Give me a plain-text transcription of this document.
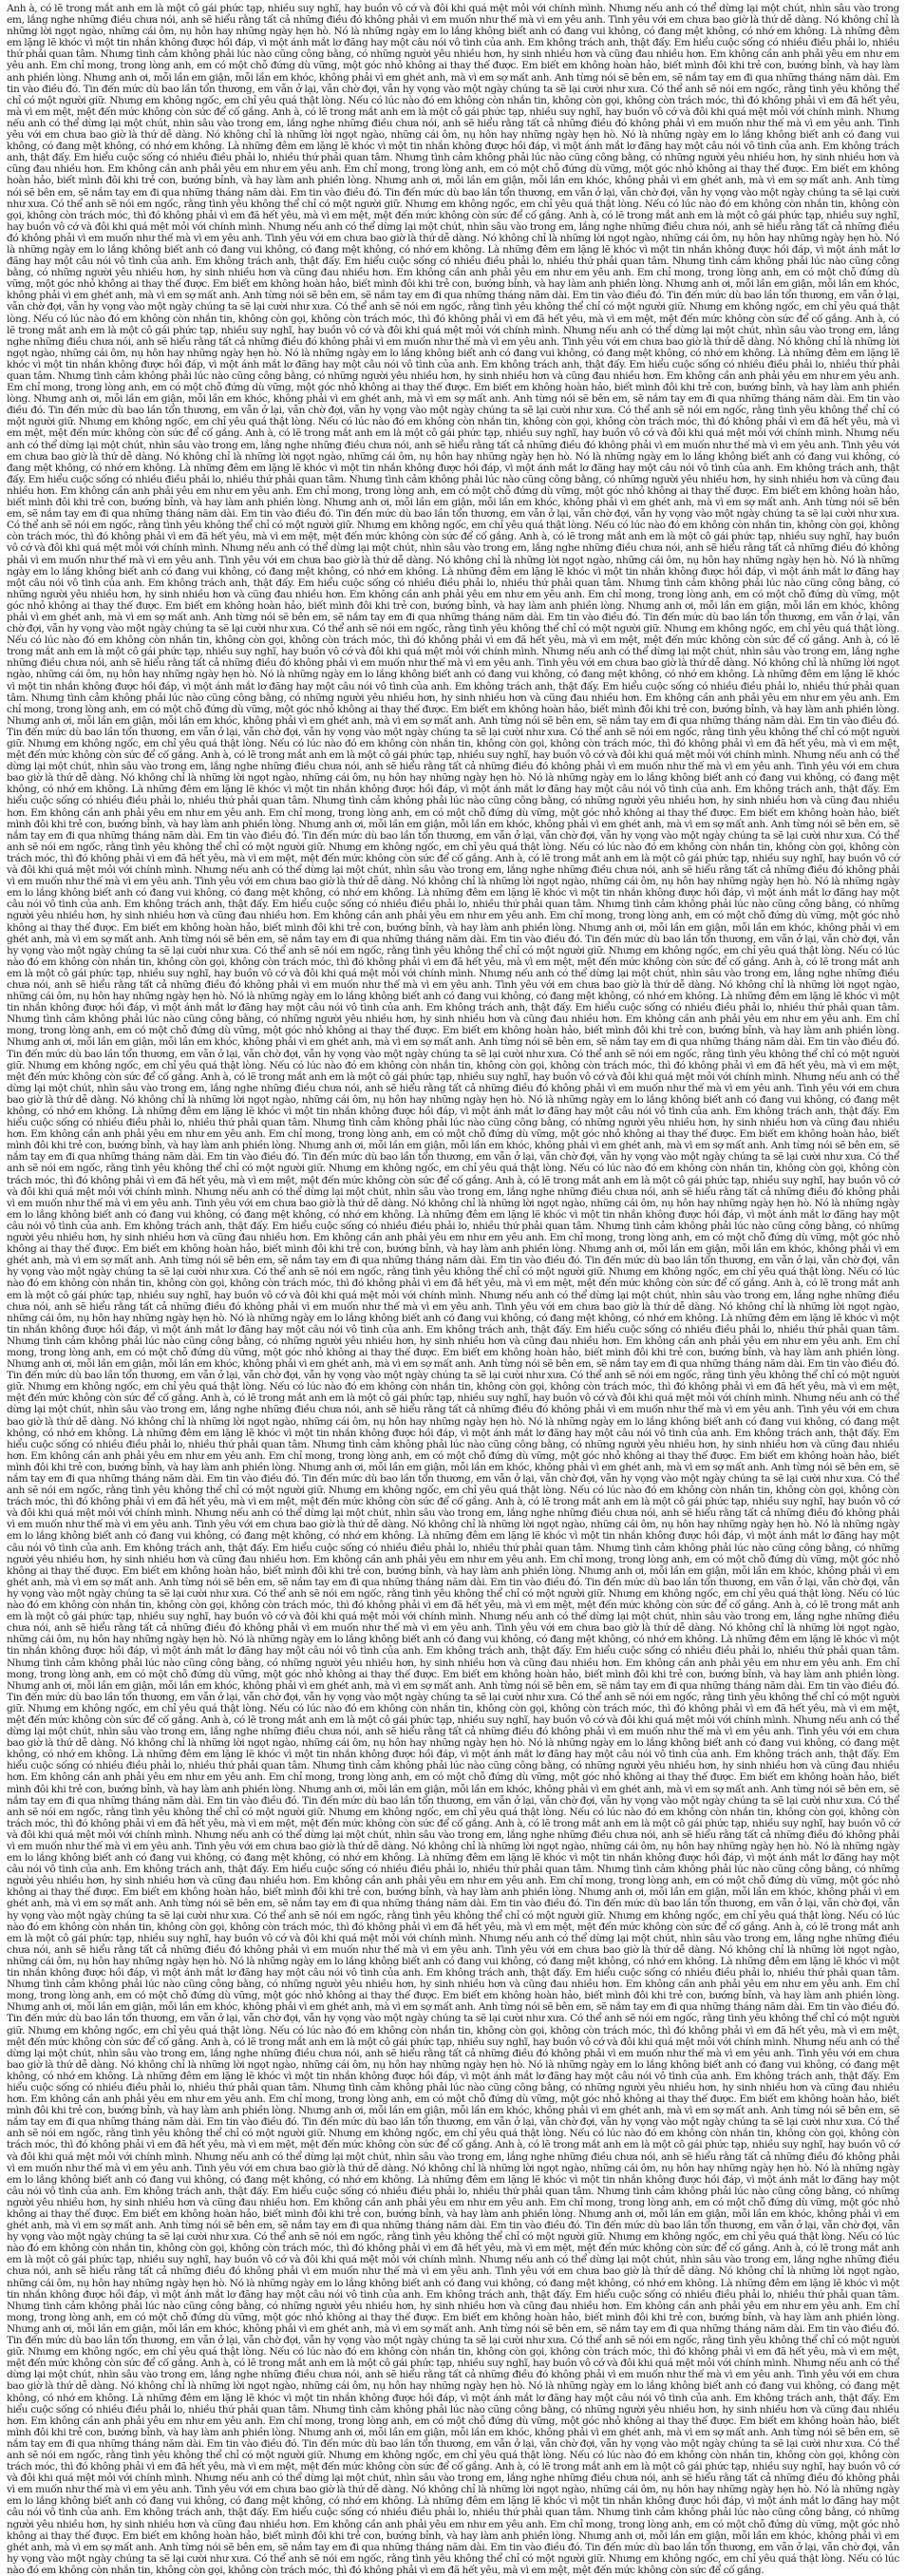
Anh à, có lẽ trong mắt anh em là một cô gái phức tạp, nhiều suy nghĩ, hay buồn vô cớ và đôi khi quá mệt mỏi với chính mình. Nhưng nếu anh có thể dừng lại một chút, nhìn sâu vào trong em, lắng nghe những điều chưa nói, anh sẽ hiểu rằng tất cả những điều đó không phải vì em muốn như thế mà vì em yêu anh. Tình yêu với em chưa bao giờ là thứ dễ dàng. Nó không chỉ là những lời ngọt ngào, những cái ôm, nụ hôn hay những ngày hẹn hò. Nó là những ngày em lo lắng không biết anh có đang vui không, có đang mệt không, có nhớ em không. Là những đêm em lặng lẽ khóc vì một tin nhắn không được hồi đáp, vì một ánh mắt lơ đãng hay một câu nói vô tình của anh. Em không trách anh, thật đấy. Em hiểu cuộc sống có nhiều điều phải lo, nhiều thứ phải quan tâm. Nhưng tình cảm không phải lúc nào cũng công bằng, có những người yêu nhiều hơn, hy sinh nhiều hơn và cũng đau nhiều hơn. Em không cần anh phải yêu em như em yêu anh. Em chỉ mong, trong lòng anh, em có một chỗ đứng dù vững, một góc nhỏ không ai thay thế được. Em biết em không hoàn hảo, biết mình đôi khi trẻ con, bướng bỉnh, và hay làm anh phiền lòng. Nhưng anh ơi, mỗi lần em giận, mỗi lần em khóc, không phải vì em ghét anh, mà vì em sợ mất anh. Anh từng nói sẽ bên em, sẽ nắm tay em đi qua những tháng năm dài. Em tin vào điều đó. Tin đến mức dù bao lần tổn thương, em vẫn ở lại, vẫn chờ đợi, vẫn hy vọng vào một ngày chúng ta sẽ lại cười như xưa. Có thể anh sẽ nói em ngốc, rằng tình yêu không thể chỉ có một người giữ. Nhưng em không ngốc, em chỉ yêu quá thật lòng. Nếu có lúc nào đó em không còn nhắn tin, không còn gọi, không còn trách móc, thì đó không phải vì em đã hết yêu, mà vì em mệt, mệt đến mức không còn sức để cố gắng. Anh à, có lẽ trong mắt anh em là một cô gái phức tạp, nhiều suy nghĩ, hay buồn vô cớ và đôi khi quá mệt mỏi với chính mình. Nhưng nếu anh có thể dừng lại một chút, nhìn sâu vào trong em, lắng nghe những điều chưa nói, anh sẽ hiểu rằng tất cả những điều đó không phải vì em muốn như thế mà vì em yêu anh. Tình yêu với em chưa bao giờ là thứ dễ dàng. Nó không chỉ là những lời ngọt ngào, những cái ôm, nụ hôn hay những ngày hẹn hò. Nó là những ngày em lo lắng không biết anh có đang vui không, có đang mệt không, có nhớ em không. Là những đêm em lặng lẽ khóc vì một tin nhắn không được hồi đáp, vì một ánh mắt lơ đãng hay một câu nói vô tình của anh. Em không trách anh, thật đấy. Em hiểu cuộc sống có nhiều điều phải lo, nhiều thứ phải quan tâm. Nhưng tình cảm không phải lúc nào cũng công bằng, có những người yêu nhiều hơn, hy sinh nhiều hơn và cũng đau nhiều hơn. Em không cần anh phải yêu em như em yêu anh. Em chỉ mong, trong lòng anh, em có một chỗ đứng dù vững, một góc nhỏ không ai thay thế được. Em biết em không hoàn hảo, biết mình đôi khi trẻ con, bướng bỉnh, và hay làm anh phiền lòng. Nhưng anh ơi, mỗi lần em giận, mỗi lần em khóc, không phải vì em ghét anh, mà vì em sợ mất anh. Anh từng nói sẽ bên em, sẽ nắm tay em đi qua những tháng năm dài. Em tin vào điều đó. Tin đến mức dù bao lần tổn thương, em vẫn ở lại, vẫn chờ đợi, vẫn hy vọng vào một ngày chúng ta sẽ lại cười như xưa. Có thể anh sẽ nói em ngốc, rằng tình yêu không thể chỉ có một người giữ. Nhưng em không ngốc, em chỉ yêu quá thật lòng. Nếu có lúc nào đó em không còn nhắn tin, không còn gọi, không còn trách móc, thì đó không phải vì em đã hết yêu, mà vì em mệt, mệt đến mức không còn sức để cố gắng. Anh à, có lẽ trong mắt anh em là một cô gái phức tạp, nhiều suy nghĩ, hay buồn vô cớ và đôi khi quá mệt mỏi với chính mình. Nhưng nếu anh có thể dừng lại một chút, nhìn sâu vào trong em, lắng nghe những điều chưa nói, anh sẽ hiểu rằng tất cả những điều đó không phải vì em muốn như thế mà vì em yêu anh. Tình yêu với em chưa bao giờ là thứ dễ dàng. Nó không chỉ là những lời ngọt ngào, những cái ôm, nụ hôn hay những ngày hẹn hò. Nó là những ngày em lo lắng không biết anh có đang vui không, có đang mệt không, có nhớ em không. Là những đêm em lặng lẽ khóc vì một tin nhắn không được hồi đáp, vì một ánh mắt lơ đãng hay một câu nói vô tình của anh. Em không trách anh, thật đấy. Em hiểu cuộc sống có nhiều điều phải lo, nhiều thứ phải quan tâm. Nhưng tình cảm không phải lúc nào cũng công bằng, có những người yêu nhiều hơn, hy sinh nhiều hơn và cũng đau nhiều hơn. Em không cần anh phải yêu em như em yêu anh. Em chỉ mong, trong lòng anh, em có một chỗ đứng dù vững, một góc nhỏ không ai thay thế được. Em biết em không hoàn hảo, biết mình đôi khi trẻ con, bướng bỉnh, và hay làm anh phiền lòng. Nhưng anh ơi, mỗi lần em giận, mỗi lần em khóc, không phải vì em ghét anh, mà vì em sợ mất anh. Anh từng nói sẽ bên em, sẽ nắm tay em đi qua những tháng năm dài. Em tin vào điều đó. Tin đến mức dù bao lần tổn thương, em vẫn ở lại, vẫn chờ đợi, vẫn hy vọng vào một ngày chúng ta sẽ lại cười như xưa. Có thể anh sẽ nói em ngốc, rằng tình yêu không thể chỉ có một người giữ. Nhưng em không ngốc, em chỉ yêu quá thật lòng. Nếu có lúc nào đó em không còn nhắn tin, không còn gọi, không còn trách móc, thì đó không phải vì em đã hết yêu, mà vì em mệt, mệt đến mức không còn sức để cố gắng. Anh à, có lẽ trong mắt anh em là một cô gái phức tạp, nhiều suy nghĩ, hay buồn vô cớ và đôi khi quá mệt mỏi với chính mình. Nhưng nếu anh có thể dừng lại một chút, nhìn sâu vào trong em, lắng nghe những điều chưa nói, anh sẽ hiểu rằng tất cả những điều đó không phải vì em muốn như thế mà vì em yêu anh. Tình yêu với em chưa bao giờ là thứ dễ dàng. Nó không chỉ là những lời ngọt ngào, những cái ôm, nụ hôn hay những ngày hẹn hò. Nó là những ngày em lo lắng không biết anh có đang vui không, có đang mệt không, có nhớ em không. Là những đêm em lặng lẽ khóc vì một tin nhắn không được hồi đáp, vì một ánh mắt lơ đãng hay một câu nói vô tình của anh. Em không trách anh, thật đấy. Em hiểu cuộc sống có nhiều điều phải lo, nhiều thứ phải quan tâm. Nhưng tình cảm không phải lúc nào cũng công bằng, có những người yêu nhiều hơn, hy sinh nhiều hơn và cũng đau nhiều hơn. Em không cần anh phải yêu em như em yêu anh. Em chỉ mong, trong lòng anh, em có một chỗ đứng dù vững, một góc nhỏ không ai thay thế được. Em biết em không hoàn hảo, biết mình đôi khi trẻ con, bướng bỉnh, và hay làm anh phiền lòng. Nhưng anh ơi, mỗi lần em giận, mỗi lần em khóc, không phải vì em ghét anh, mà vì em sợ mất anh. Anh từng nói sẽ bên em, sẽ nắm tay em đi qua những tháng năm dài. Em tin vào điều đó. Tin đến mức dù bao lần tổn thương, em vẫn ở lại, vẫn chờ đợi, vẫn hy vọng vào một ngày chúng ta sẽ lại cười như xưa. Có thể anh sẽ nói em ngốc, rằng tình yêu không thể chỉ có một người giữ. Nhưng em không ngốc, em chỉ yêu quá thật lòng. Nếu có lúc nào đó em không còn nhắn tin, không còn gọi, không còn trách móc, thì đó không phải vì em đã hết yêu, mà vì em mệt, mệt đến mức không còn sức để cố gắng. Anh à, có lẽ trong mắt anh em là một cô gái phức tạp, nhiều suy nghĩ, hay buồn vô cớ và đôi khi quá mệt mỏi với chính mình. Nhưng nếu anh có thể dừng lại một chút, nhìn sâu vào trong em, lắng nghe những điều chưa nói, anh sẽ hiểu rằng tất cả những điều đó không phải vì em muốn như thế mà vì em yêu anh. Tình yêu với em chưa bao giờ là thứ dễ dàng. Nó không chỉ là những lời ngọt ngào, những cái ôm, nụ hôn hay những ngày hẹn hò. Nó là những ngày em lo lắng không biết anh có đang vui không, có đang mệt không, có nhớ em không. Là những đêm em lặng lẽ khóc vì một tin nhắn không được hồi đáp, vì một ánh mắt lơ đãng hay một câu nói vô tình của anh. Em không trách anh, thật đấy. Em hiểu cuộc sống có nhiều điều phải lo, nhiều thứ phải quan tâm. Nhưng tình cảm không phải lúc nào cũng công bằng, có những người yêu nhiều hơn, hy sinh nhiều hơn và cũng đau nhiều hơn. Em không cần anh phải yêu em như em yêu anh. Em chỉ mong, trong lòng anh, em có một chỗ đứng dù vững, một góc nhỏ không ai thay thế được. Em biết em không hoàn hảo, biết mình đôi khi trẻ con, bướng bỉnh, và hay làm anh phiền lòng. Nhưng anh ơi, mỗi lần em giận, mỗi lần em khóc, không phải vì em ghét anh, mà vì em sợ mất anh. Anh từng nói sẽ bên em, sẽ nắm tay em đi qua những tháng năm dài. Em tin vào điều đó. Tin đến mức dù bao lần tổn thương, em vẫn ở lại, vẫn chờ đợi, vẫn hy vọng vào một ngày chúng ta sẽ lại cười như xưa. Có thể anh sẽ nói em ngốc, rằng tình yêu không thể chỉ có một người giữ. Nhưng em không ngốc, em chỉ yêu quá thật lòng. Nếu có lúc nào đó em không còn nhắn tin, không còn gọi, không còn trách móc, thì đó không phải vì em đã hết yêu, mà vì em mệt, mệt đến mức không còn sức để cố gắng. Anh à, có lẽ trong mắt anh em là một cô gái phức tạp, nhiều suy nghĩ, hay buồn vô cớ và đôi khi quá mệt mỏi với chính mình. Nhưng nếu anh có thể dừng lại một chút, nhìn sâu vào trong em, lắng nghe những điều chưa nói, anh sẽ hiểu rằng tất cả những điều đó không phải vì em muốn như thế mà vì em yêu anh. Tình yêu với em chưa bao giờ là thứ dễ dàng. Nó không chỉ là những lời ngọt ngào, những cái ôm, nụ hôn hay những ngày hẹn hò. Nó là những ngày em lo lắng không biết anh có đang vui không, có đang mệt không, có nhớ em không. Là những đêm em lặng lẽ khóc vì một tin nhắn không được hồi đáp, vì một ánh mắt lơ đãng hay một câu nói vô tình của anh. Em không trách anh, thật đấy. Em hiểu cuộc sống có nhiều điều phải lo, nhiều thứ phải quan tâm. Nhưng tình cảm không phải lúc nào cũng công bằng, có những người yêu nhiều hơn, hy sinh nhiều hơn và cũng đau nhiều hơn. Em không cần anh phải yêu em như em yêu anh. Em chỉ mong, trong lòng anh, em có một chỗ đứng dù vững, một góc nhỏ không ai thay thế được. Em biết em không hoàn hảo, biết mình đôi khi trẻ con, bướng bỉnh, và hay làm anh phiền lòng. Nhưng anh ơi, mỗi lần em giận, mỗi lần em khóc, không phải vì em ghét anh, mà vì em sợ mất anh. Anh từng nói sẽ bên em, sẽ nắm tay em đi qua những tháng năm dài. Em tin vào điều đó. Tin đến mức dù bao lần tổn thương, em vẫn ở lại, vẫn chờ đợi, vẫn hy vọng vào một ngày chúng ta sẽ lại cười như xưa. Có thể anh sẽ nói em ngốc, rằng tình yêu không thể chỉ có một người giữ. Nhưng em không ngốc, em chỉ yêu quá thật lòng. Nếu có lúc nào đó em không còn nhắn tin, không còn gọi, không còn trách móc, thì đó không phải vì em đã hết yêu, mà vì em mệt, mệt đến mức không còn sức để cố gắng. Anh à, có lẽ trong mắt anh em là một cô gái phức tạp, nhiều suy nghĩ, hay buồn vô cớ và đôi khi quá mệt mỏi với chính mình. Nhưng nếu anh có thể dừng lại một chút, nhìn sâu vào trong em, lắng nghe những điều chưa nói, anh sẽ hiểu rằng tất cả những điều đó không phải vì em muốn như thế mà vì em yêu anh. Tình yêu với em chưa bao giờ là thứ dễ dàng. Nó không chỉ là những lời ngọt ngào, những cái ôm, nụ hôn hay những ngày hẹn hò. Nó là những ngày em lo lắng không biết anh có đang vui không, có đang mệt không, có nhớ em không. Là những đêm em lặng lẽ khóc vì một tin nhắn không được hồi đáp, vì một ánh mắt lơ đãng hay một câu nói vô tình của anh. Em không trách anh, thật đấy. Em hiểu cuộc sống có nhiều điều phải lo, nhiều thứ phải quan tâm. Nhưng tình cảm không phải lúc nào cũng công bằng, có những người yêu nhiều hơn, hy sinh nhiều hơn và cũng đau nhiều hơn. Em không cần anh phải yêu em như em yêu anh. Em chỉ mong, trong lòng anh, em có một chỗ đứng dù vững, một góc nhỏ không ai thay thế được. Em biết em không hoàn hảo, biết mình đôi khi trẻ con, bướng bỉnh, và hay làm anh phiền lòng. Nhưng anh ơi, mỗi lần em giận, mỗi lần em khóc, không phải vì em ghét anh, mà vì em sợ mất anh. Anh từng nói sẽ bên em, sẽ nắm tay em đi qua những tháng năm dài. Em tin vào điều đó. Tin đến mức dù bao lần tổn thương, em vẫn ở lại, vẫn chờ đợi, vẫn hy vọng vào một ngày chúng ta sẽ lại cười như xưa. Có thể anh sẽ nói em ngốc, rằng tình yêu không thể chỉ có một người giữ. Nhưng em không ngốc, em chỉ yêu quá thật lòng. Nếu có lúc nào đó em không còn nhắn tin, không còn gọi, không còn trách móc, thì đó không phải vì em đã hết yêu, mà vì em mệt, mệt đến mức không còn sức để cố gắng. Anh à, có lẽ trong mắt anh em là một cô gái phức tạp, nhiều suy nghĩ, hay buồn vô cớ và đôi khi quá mệt mỏi với chính mình. Nhưng nếu anh có thể dừng lại một chút, nhìn sâu vào trong em, lắng nghe những điều chưa nói, anh sẽ hiểu rằng tất cả những điều đó không phải vì em muốn như thế mà vì em yêu anh. Tình yêu với em chưa bao giờ là thứ dễ dàng. Nó không chỉ là những lời ngọt ngào, những cái ôm, nụ hôn hay những ngày hẹn hò. Nó là những ngày em lo lắng không biết anh có đang vui không, có đang mệt không, có nhớ em không. Là những đêm em lặng lẽ khóc vì một tin nhắn không được hồi đáp, vì một ánh mắt lơ đãng hay một câu nói vô tình của anh. Em không trách anh, thật đấy. Em hiểu cuộc sống có nhiều điều phải lo, nhiều thứ phải quan tâm. Nhưng tình cảm không phải lúc nào cũng công bằng, có những người yêu nhiều hơn, hy sinh nhiều hơn và cũng đau nhiều hơn. Em không cần anh phải yêu em như em yêu anh. Em chỉ mong, trong lòng anh, em có một chỗ đứng dù vững, một góc nhỏ không ai thay thế được. Em biết em không hoàn hảo, biết mình đôi khi trẻ con, bướng bỉnh, và hay làm anh phiền lòng. Nhưng anh ơi, mỗi lần em giận, mỗi lần em khóc, không phải vì em ghét anh, mà vì em sợ mất anh. Anh từng nói sẽ bên em, sẽ nắm tay em đi qua những tháng năm dài. Em tin vào điều đó. Tin đến mức dù bao lần tổn thương, em vẫn ở lại, vẫn chờ đợi, vẫn hy vọng vào một ngày chúng ta sẽ lại cười như xưa. Có thể anh sẽ nói em ngốc, rằng tình yêu không thể chỉ có một người giữ. Nhưng em không ngốc, em chỉ yêu quá thật lòng. Nếu có lúc nào đó em không còn nhắn tin, không còn gọi, không còn trách móc, thì đó không phải vì em đã hết yêu, mà vì em mệt, mệt đến mức không còn sức để cố gắng. Anh à, có lẽ trong mắt anh em là một cô gái phức tạp, nhiều suy nghĩ, hay buồn vô cớ và đôi khi quá mệt mỏi với chính mình. Nhưng nếu anh có thể dừng lại một chút, nhìn sâu vào trong em, lắng nghe những điều chưa nói, anh sẽ hiểu rằng tất cả những điều đó không phải vì em muốn như thế mà vì em yêu anh. Tình yêu với em chưa bao giờ là thứ dễ dàng. Nó không chỉ là những lời ngọt ngào, những cái ôm, nụ hôn hay những ngày hẹn hò. Nó là những ngày em lo lắng không biết anh có đang vui không, có đang mệt không, có nhớ em không. Là những đêm em lặng lẽ khóc vì một tin nhắn không được hồi đáp, vì một ánh mắt lơ đãng hay một câu nói vô tình của anh. Em không trách anh, thật đấy. Em hiểu cuộc sống có nhiều điều phải lo, nhiều thứ phải quan tâm. Nhưng tình cảm không phải lúc nào cũng công bằng, có những người yêu nhiều hơn, hy sinh nhiều hơn và cũng đau nhiều hơn. Em không cần anh phải yêu em như em yêu anh. Em chỉ mong, trong lòng anh, em có một chỗ đứng dù vững, một góc nhỏ không ai thay thế được. Em biết em không hoàn hảo, biết mình đôi khi trẻ con, bướng bỉnh, và hay làm anh phiền lòng. Nhưng anh ơi, mỗi lần em giận, mỗi lần em khóc, không phải vì em ghét anh, mà vì em sợ mất anh. Anh từng nói sẽ bên em, sẽ nắm tay em đi qua những tháng năm dài. Em tin vào điều đó. Tin đến mức dù bao lần tổn thương, em vẫn ở lại, vẫn chờ đợi, vẫn hy vọng vào một ngày chúng ta sẽ lại cười như xưa. Có thể anh sẽ nói em ngốc, rằng tình yêu không thể chỉ có một người giữ. Nhưng em không ngốc, em chỉ yêu quá thật lòng. Nếu có lúc nào đó em không còn nhắn tin, không còn gọi, không còn trách móc, thì đó không phải vì em đã hết yêu, mà vì em mệt, mệt đến mức không còn sức để cố gắng. Anh à, có lẽ trong mắt anh em là một cô gái phức tạp, nhiều suy nghĩ, hay buồn vô cớ và đôi khi quá mệt mỏi với chính mình. Nhưng nếu anh có thể dừng lại một chút, nhìn sâu vào trong em, lắng nghe những điều chưa nói, anh sẽ hiểu rằng tất cả những điều đó không phải vì em muốn như thế mà vì em yêu anh. Tình yêu với em chưa bao giờ là thứ dễ dàng. Nó không chỉ là những lời ngọt ngào, những cái ôm, nụ hôn hay những ngày hẹn hò. Nó là những ngày em lo lắng không biết anh có đang vui không, có đang mệt không, có nhớ em không. Là những đêm em lặng lẽ khóc vì một tin nhắn không được hồi đáp, vì một ánh mắt lơ đãng hay một câu nói vô tình của anh. Em không trách anh, thật đấy. Em hiểu cuộc sống có nhiều điều phải lo, nhiều thứ phải quan tâm. Nhưng tình cảm không phải lúc nào cũng công bằng, có những người yêu nhiều hơn, hy sinh nhiều hơn và cũng đau nhiều hơn. Em không cần anh phải yêu em như em yêu anh. Em chỉ mong, trong lòng anh, em có một chỗ đứng dù vững, một góc nhỏ không ai thay thế được. Em biết em không hoàn hảo, biết mình đôi khi trẻ con, bướng bỉnh, và hay làm anh phiền lòng. Nhưng anh ơi, mỗi lần em giận, mỗi lần em khóc, không phải vì em ghét anh, mà vì em sợ mất anh. Anh từng nói sẽ bên em, sẽ nắm tay em đi qua những tháng năm dài. Em tin vào điều đó. Tin đến mức dù bao lần tổn thương, em vẫn ở lại, vẫn chờ đợi, vẫn hy vọng vào một ngày chúng ta sẽ lại cười như xưa. Có thể anh sẽ nói em ngốc, rằng tình yêu không thể chỉ có một người giữ. Nhưng em không ngốc, em chỉ yêu quá thật lòng. Nếu có lúc nào đó em không còn nhắn tin, không còn gọi, không còn trách móc, thì đó không phải vì em đã hết yêu, mà vì em mệt, mệt đến mức không còn sức để cố gắng. Anh à, có lẽ trong mắt anh em là một cô gái phức tạp, nhiều suy nghĩ, hay buồn vô cớ và đôi khi quá mệt mỏi với chính mình. Nhưng nếu anh có thể dừng lại một chút, nhìn sâu vào trong em, lắng nghe những điều chưa nói, anh sẽ hiểu rằng tất cả những điều đó không phải vì em muốn như thế mà vì em yêu anh. Tình yêu với em chưa bao giờ là thứ dễ dàng. Nó không chỉ là những lời ngọt ngào, những cái ôm, nụ hôn hay những ngày hẹn hò. Nó là những ngày em lo lắng không biết anh có đang vui không, có đang mệt không, có nhớ em không. Là những đêm em lặng lẽ khóc vì một tin nhắn không được hồi đáp, vì một ánh mắt lơ đãng hay một câu nói vô tình của anh. Em không trách anh, thật đấy. Em hiểu cuộc sống có nhiều điều phải lo, nhiều thứ phải quan tâm. Nhưng tình cảm không phải lúc nào cũng công bằng, có những người yêu nhiều hơn, hy sinh nhiều hơn và cũng đau nhiều hơn. Em không cần anh phải yêu em như em yêu anh. Em chỉ mong, trong lòng anh, em có một chỗ đứng dù vững, một góc nhỏ không ai thay thế được. Em biết em không hoàn hảo, biết mình đôi khi trẻ con, bướng bỉnh, và hay làm anh phiền lòng. Nhưng anh ơi, mỗi lần em giận, mỗi lần em khóc, không phải vì em ghét anh, mà vì em sợ mất anh. Anh từng nói sẽ bên em, sẽ nắm tay em đi qua những tháng năm dài. Em tin vào điều đó. Tin đến mức dù bao lần tổn thương, em vẫn ở lại, vẫn chờ đợi, vẫn hy vọng vào một ngày chúng ta sẽ lại cười như xưa. Có thể anh sẽ nói em ngốc, rằng tình yêu không thể chỉ có một người giữ. Nhưng em không ngốc, em chỉ yêu quá thật lòng. Nếu có lúc nào đó em không còn nhắn tin, không còn gọi, không còn trách móc, thì đó không phải vì em đã hết yêu, mà vì em mệt, mệt đến mức không còn sức để cố gắng. Anh à, có lẽ trong mắt anh em là một cô gái phức tạp, nhiều suy nghĩ, hay buồn vô cớ và đôi khi quá mệt mỏi với chính mình. Nhưng nếu anh có thể dừng lại một chút, nhìn sâu vào trong em, lắng nghe những điều chưa nói, anh sẽ hiểu rằng tất cả những điều đó không phải vì em muốn như thế mà vì em yêu anh. Tình yêu với em chưa bao giờ là thứ dễ dàng. Nó không chỉ là những lời ngọt ngào, những cái ôm, nụ hôn hay những ngày hẹn hò. Nó là những ngày em lo lắng không biết anh có đang vui không, có đang mệt không, có nhớ em không. Là những đêm em lặng lẽ khóc vì một tin nhắn không được hồi đáp, vì một ánh mắt lơ đãng hay một câu nói vô tình của anh. Em không trách anh, thật đấy. Em hiểu cuộc sống có nhiều điều phải lo, nhiều thứ phải quan tâm. Nhưng tình cảm không phải lúc nào cũng công bằng, có những người yêu nhiều hơn, hy sinh nhiều hơn và cũng đau nhiều hơn. Em không cần anh phải yêu em như em yêu anh. Em chỉ mong, trong lòng anh, em có một chỗ đứng dù vững, một góc nhỏ không ai thay thế được. Em biết em không hoàn hảo, biết mình đôi khi trẻ con, bướng bỉnh, và hay làm anh phiền lòng. Nhưng anh ơi, mỗi lần em giận, mỗi lần em khóc, không phải vì em ghét anh, mà vì em sợ mất anh. Anh từng nói sẽ bên em, sẽ nắm tay em đi qua những tháng năm dài. Em tin vào điều đó. Tin đến mức dù bao lần tổn thương, em vẫn ở lại, vẫn chờ đợi, vẫn hy vọng vào một ngày chúng ta sẽ lại cười như xưa. Có thể anh sẽ nói em ngốc, rằng tình yêu không thể chỉ có một người giữ. Nhưng em không ngốc, em chỉ yêu quá thật lòng. Nếu có lúc nào đó em không còn nhắn tin, không còn gọi, không còn trách móc, thì đó không phải vì em đã hết yêu, mà vì em mệt, mệt đến mức không còn sức để cố gắng. Anh à, có lẽ trong mắt anh em là một cô gái phức tạp, nhiều suy nghĩ, hay buồn vô cớ và đôi khi quá mệt mỏi với chính mình. Nhưng nếu anh có thể dừng lại một chút, nhìn sâu vào trong em, lắng nghe những điều chưa nói, anh sẽ hiểu rằng tất cả những điều đó không phải vì em muốn như thế mà vì em yêu anh. Tình yêu với em chưa bao giờ là thứ dễ dàng. Nó không chỉ là những lời ngọt ngào, những cái ôm, nụ hôn hay những ngày hẹn hò. Nó là những ngày em lo lắng không biết anh có đang vui không, có đang mệt không, có nhớ em không. Là những đêm em lặng lẽ khóc vì một tin nhắn không được hồi đáp, vì một ánh mắt lơ đãng hay một câu nói vô tình của anh. Em không trách anh, thật đấy. Em hiểu cuộc sống có nhiều điều phải lo, nhiều thứ phải quan tâm. Nhưng tình cảm không phải lúc nào cũng công bằng, có những người yêu nhiều hơn, hy sinh nhiều hơn và cũng đau nhiều hơn. Em không cần anh phải yêu em như em yêu anh. Em chỉ mong, trong lòng anh, em có một chỗ đứng dù vững, một góc nhỏ không ai thay thế được. Em biết em không hoàn hảo, biết mình đôi khi trẻ con, bướng bỉnh, và hay làm anh phiền lòng. Nhưng anh ơi, mỗi lần em giận, mỗi lần em khóc, không phải vì em ghét anh, mà vì em sợ mất anh. Anh từng nói sẽ bên em, sẽ nắm tay em đi qua những tháng năm dài. Em tin vào điều đó. Tin đến mức dù bao lần tổn thương, em vẫn ở lại, vẫn chờ đợi, vẫn hy vọng vào một ngày chúng ta sẽ lại cười như xưa. Có thể anh sẽ nói em ngốc, rằng tình yêu không thể chỉ có một người giữ. Nhưng em không ngốc, em chỉ yêu quá thật lòng. Nếu có lúc nào đó em không còn nhắn tin, không còn gọi, không còn trách móc, thì đó không phải vì em đã hết yêu, mà vì em mệt, mệt đến mức không còn sức để cố gắng. Anh à, có lẽ trong mắt anh em là một cô gái phức tạp, nhiều suy nghĩ, hay buồn vô cớ và đôi khi quá mệt mỏi với chính mình. Nhưng nếu anh có thể dừng lại một chút, nhìn sâu vào trong em, lắng nghe những điều chưa nói, anh sẽ hiểu rằng tất cả những điều đó không phải vì em muốn như thế mà vì em yêu anh. Tình yêu với em chưa bao giờ là thứ dễ dàng. Nó không chỉ là những lời ngọt ngào, những cái ôm, nụ hôn hay những ngày hẹn hò. Nó là những ngày em lo lắng không biết anh có đang vui không, có đang mệt không, có nhớ em không. Là những đêm em lặng lẽ khóc vì một tin nhắn không được hồi đáp, vì một ánh mắt lơ đãng hay một câu nói vô tình của anh. Em không trách anh, thật đấy. Em hiểu cuộc sống có nhiều điều phải lo, nhiều thứ phải quan tâm. Nhưng tình cảm không phải lúc nào cũng công bằng, có những người yêu nhiều hơn, hy sinh nhiều hơn và cũng đau nhiều hơn. Em không cần anh phải yêu em như em yêu anh. Em chỉ mong, trong lòng anh, em có một chỗ đứng dù vững, một góc nhỏ không ai thay thế được. Em biết em không hoàn hảo, biết mình đôi khi trẻ con, bướng bỉnh, và hay làm anh phiền lòng. Nhưng anh ơi, mỗi lần em giận, mỗi lần em khóc, không phải vì em ghét anh, mà vì em sợ mất anh. Anh từng nói sẽ bên em, sẽ nắm tay em đi qua những tháng năm dài. Em tin vào điều đó. Tin đến mức dù bao lần tổn thương, em vẫn ở lại, vẫn chờ đợi, vẫn hy vọng vào một ngày chúng ta sẽ lại cười như xưa. Có thể anh sẽ nói em ngốc, rằng tình yêu không thể chỉ có một người giữ. Nhưng em không ngốc, em chỉ yêu quá thật lòng. Nếu có lúc nào đó em không còn nhắn tin, không còn gọi, không còn trách móc, thì đó không phải vì em đã hết yêu, mà vì em mệt, mệt đến mức không còn sức để cố gắng. Anh à, có lẽ trong mắt anh em là một cô gái phức tạp, nhiều suy nghĩ, hay buồn vô cớ và đôi khi quá mệt mỏi với chính mình. Nhưng nếu anh có thể dừng lại một chút, nhìn sâu vào trong em, lắng nghe những điều chưa nói, anh sẽ hiểu rằng tất cả những điều đó không phải vì em muốn như thế mà vì em yêu anh. Tình yêu với em chưa bao giờ là thứ dễ dàng. Nó không chỉ là những lời ngọt ngào, những cái ôm, nụ hôn hay những ngày hẹn hò. Nó là những ngày em lo lắng không biết anh có đang vui không, có đang mệt không, có nhớ em không. Là những đêm em lặng lẽ khóc vì một tin nhắn không được hồi đáp, vì một ánh mắt lơ đãng hay một câu nói vô tình của anh. Em không trách anh, thật đấy. Em hiểu cuộc sống có nhiều điều phải lo, nhiều thứ phải quan tâm. Nhưng tình cảm không phải lúc nào cũng công bằng, có những người yêu nhiều hơn, hy sinh nhiều hơn và cũng đau nhiều hơn. Em không cần anh phải yêu em như em yêu anh. Em chỉ mong, trong lòng anh, em có một chỗ đứng dù vững, một góc nhỏ không ai thay thế được. Em biết em không hoàn hảo, biết mình đôi khi trẻ con, bướng bỉnh, và hay làm anh phiền lòng. Nhưng anh ơi, mỗi lần em giận, mỗi lần em khóc, không phải vì em ghét anh, mà vì em sợ mất anh. Anh từng nói sẽ bên em, sẽ nắm tay em đi qua những tháng năm dài. Em tin vào điều đó. Tin đến mức dù bao lần tổn thương, em vẫn ở lại, vẫn chờ đợi, vẫn hy vọng vào một ngày chúng ta sẽ lại cười như xưa. Có thể anh sẽ nói em ngốc, rằng tình yêu không thể chỉ có một người giữ. Nhưng em không ngốc, em chỉ yêu quá thật lòng. Nếu có lúc nào đó em không còn nhắn tin, không còn gọi, không còn trách móc, thì đó không phải vì em đã hết yêu, mà vì em mệt, mệt đến mức không còn sức để cố gắng. Anh à, có lẽ trong mắt anh em là một cô gái phức tạp, nhiều suy nghĩ, hay buồn vô cớ và đôi khi quá mệt mỏi với chính mình. Nhưng nếu anh có thể dừng lại một chút, nhìn sâu vào trong em, lắng nghe những điều chưa nói, anh sẽ hiểu rằng tất cả những điều đó không phải vì em muốn như thế mà vì em yêu anh. Tình yêu với em chưa bao giờ là thứ dễ dàng. Nó không chỉ là những lời ngọt ngào, những cái ôm, nụ hôn hay những ngày hẹn hò. Nó là những ngày em lo lắng không biết anh có đang vui không, có đang mệt không, có nhớ em không. Là những đêm em lặng lẽ khóc vì một tin nhắn không được hồi đáp, vì một ánh mắt lơ đãng hay một câu nói vô tình của anh. Em không trách anh, thật đấy. Em hiểu cuộc sống có nhiều điều phải lo, nhiều thứ phải quan tâm. Nhưng tình cảm không phải lúc nào cũng công bằng, có những người yêu nhiều hơn, hy sinh nhiều hơn và cũng đau nhiều hơn. Em không cần anh phải yêu em như em yêu anh. Em chỉ mong, trong lòng anh, em có một chỗ đứng dù vững, một góc nhỏ không ai thay thế được. Em biết em không hoàn hảo, biết mình đôi khi trẻ con, bướng bỉnh, và hay làm anh phiền lòng. Nhưng anh ơi, mỗi lần em giận, mỗi lần em khóc, không phải vì em ghét anh, mà vì em sợ mất anh. Anh từng nói sẽ bên em, sẽ nắm tay em đi qua những tháng năm dài. Em tin vào điều đó. Tin đến mức dù bao lần tổn thương, em vẫn ở lại, vẫn chờ đợi, vẫn hy vọng vào một ngày chúng ta sẽ lại cười như xưa. Có thể anh sẽ nói em ngốc, rằng tình yêu không thể chỉ có một người giữ. Nhưng em không ngốc, em chỉ yêu quá thật lòng. Nếu có lúc nào đó em không còn nhắn tin, không còn gọi, không còn trách móc, thì đó không phải vì em đã hết yêu, mà vì em mệt, mệt đến mức không còn sức để cố gắng. Anh à, có lẽ trong mắt anh em là một cô gái phức tạp, nhiều suy nghĩ, hay buồn vô cớ và đôi khi quá mệt mỏi với chính mình. Nhưng nếu anh có thể dừng lại một chút, nhìn sâu vào trong em, lắng nghe những điều chưa nói, anh sẽ hiểu rằng tất cả những điều đó không phải vì em muốn như thế mà vì em yêu anh. Tình yêu với em chưa bao giờ là thứ dễ dàng. Nó không chỉ là những lời ngọt ngào, những cái ôm, nụ hôn hay những ngày hẹn hò. Nó là những ngày em lo lắng không biết anh có đang vui không, có đang mệt không, có nhớ em không. Là những đêm em lặng lẽ khóc vì một tin nhắn không được hồi đáp, vì một ánh mắt lơ đãng hay một câu nói vô tình của anh. Em không trách anh, thật đấy. Em hiểu cuộc sống có nhiều điều phải lo, nhiều thứ phải quan tâm. Nhưng tình cảm không phải lúc nào cũng công bằng, có những người yêu nhiều hơn, hy sinh nhiều hơn và cũng đau nhiều hơn. Em không cần anh phải yêu em như em yêu anh. Em chỉ mong, trong lòng anh, em có một chỗ đứng dù vững, một góc nhỏ không ai thay thế được. Em biết em không hoàn hảo, biết mình đôi khi trẻ con, bướng bỉnh, và hay làm anh phiền lòng. Nhưng anh ơi, mỗi lần em giận, mỗi lần em khóc, không phải vì em ghét anh, mà vì em sợ mất anh. Anh từng nói sẽ bên em, sẽ nắm tay em đi qua những tháng năm dài. Em tin vào điều đó. Tin đến mức dù bao lần tổn thương, em vẫn ở lại, vẫn chờ đợi, vẫn hy vọng vào một ngày chúng ta sẽ lại cười như xưa. Có thể anh sẽ nói em ngốc, rằng tình yêu không thể chỉ có một người giữ. Nhưng em không ngốc, em chỉ yêu quá thật lòng. Nếu có lúc nào đó em không còn nhắn tin, không còn gọi, không còn trách móc, thì đó không phải vì em đã hết yêu, mà vì em mệt, mệt đến mức không còn sức để cố gắng. Anh à, có lẽ trong mắt anh em là một cô gái phức tạp, nhiều suy nghĩ, hay buồn vô cớ và đôi khi quá mệt mỏi với chính mình. Nhưng nếu anh có thể dừng lại một chút, nhìn sâu vào trong em, lắng nghe những điều chưa nói, anh sẽ hiểu rằng tất cả những điều đó không phải vì em muốn như thế mà vì em yêu anh. Tình yêu với em chưa bao giờ là thứ dễ dàng. Nó không chỉ là những lời ngọt ngào, những cái ôm, nụ hôn hay những ngày hẹn hò. Nó là những ngày em lo lắng không biết anh có đang vui không, có đang mệt không, có nhớ em không. Là những đêm em lặng lẽ khóc vì một tin nhắn không được hồi đáp, vì một ánh mắt lơ đãng hay một câu nói vô tình của anh. Em không trách anh, thật đấy. Em hiểu cuộc sống có nhiều điều phải lo, nhiều thứ phải quan tâm. Nhưng tình cảm không phải lúc nào cũng công bằng, có những người yêu nhiều hơn, hy sinh nhiều hơn và cũng đau nhiều hơn. Em không cần anh phải yêu em như em yêu anh. Em chỉ mong, trong lòng anh, em có một chỗ đứng dù vững, một góc nhỏ không ai thay thế được. Em biết em không hoàn hảo, biết mình đôi khi trẻ con, bướng bỉnh, và hay làm anh phiền lòng. Nhưng anh ơi, mỗi lần em giận, mỗi lần em khóc, không phải vì em ghét anh, mà vì em sợ mất anh. Anh từng nói sẽ bên em, sẽ nắm tay em đi qua những tháng năm dài. Em tin vào điều đó. Tin đến mức dù bao lần tổn thương, em vẫn ở lại, vẫn chờ đợi, vẫn hy vọng vào một ngày chúng ta sẽ lại cười như xưa. Có thể anh sẽ nói em ngốc, rằng tình yêu không thể chỉ có một người giữ. Nhưng em không ngốc, em chỉ yêu quá thật lòng. Nếu có lúc nào đó em không còn nhắn tin, không còn gọi, không còn trách móc, thì đó không phải vì em đã hết yêu, mà vì em mệt, mệt đến mức không còn sức để cố gắng. Anh à, có lẽ trong mắt anh em là một cô gái phức tạp, nhiều suy nghĩ, hay buồn vô cớ và đôi khi quá mệt mỏi với chính mình. Nhưng nếu anh có thể dừng lại một chút, nhìn sâu vào trong em, lắng nghe những điều chưa nói, anh sẽ hiểu rằng tất cả những điều đó không phải vì em muốn như thế mà vì em yêu anh. Tình yêu với em chưa bao giờ là thứ dễ dàng. Nó không chỉ là những lời ngọt ngào, những cái ôm, nụ hôn hay những ngày hẹn hò. Nó là những ngày em lo lắng không biết anh có đang vui không, có đang mệt không, có nhớ em không. Là những đêm em lặng lẽ khóc vì một tin nhắn không được hồi đáp, vì một ánh mắt lơ đãng hay một câu nói vô tình của anh. Em không trách anh, thật đấy. Em hiểu cuộc sống có nhiều điều phải lo, nhiều thứ phải quan tâm. Nhưng tình cảm không phải lúc nào cũng công bằng, có những người yêu nhiều hơn, hy sinh nhiều hơn và cũng đau nhiều hơn. Em không cần anh phải yêu em như em yêu anh. Em chỉ mong, trong lòng anh, em có một chỗ đứng dù vững, một góc nhỏ không ai thay thế được. Em biết em không hoàn hảo, biết mình đôi khi trẻ con, bướng bỉnh, và hay làm anh phiền lòng. Nhưng anh ơi, mỗi lần em giận, mỗi lần em khóc, không phải vì em ghét anh, mà vì em sợ mất anh. Anh từng nói sẽ bên em, sẽ nắm tay em đi qua những tháng năm dài. Em tin vào điều đó. Tin đến mức dù bao lần tổn thương, em vẫn ở lại, vẫn chờ đợi, vẫn hy vọng vào một ngày chúng ta sẽ lại cười như xưa. Có thể anh sẽ nói em ngốc, rằng tình yêu không thể chỉ có một người giữ. Nhưng em không ngốc, em chỉ yêu quá thật lòng. Nếu có lúc nào đó em không còn nhắn tin, không còn gọi, không còn trách móc, thì đó không phải vì em đã hết yêu, mà vì em mệt, mệt đến mức không còn sức để cố gắng. Anh à, có lẽ trong mắt anh em là một cô gái phức tạp, nhiều suy nghĩ, hay buồn vô cớ và đôi khi quá mệt mỏi với chính mình. Nhưng nếu anh có thể dừng lại một chút, nhìn sâu vào trong em, lắng nghe những điều chưa nói, anh sẽ hiểu rằng tất cả những điều đó không phải vì em muốn như thế mà vì em yêu anh. Tình yêu với em chưa bao giờ là thứ dễ dàng. Nó không chỉ là những lời ngọt ngào, những cái ôm, nụ hôn hay những ngày hẹn hò. Nó là những ngày em lo lắng không biết anh có đang vui không, có đang mệt không, có nhớ em không. Là những đêm em lặng lẽ khóc vì một tin nhắn không được hồi đáp, vì một ánh mắt lơ đãng hay một câu nói vô tình của anh. Em không trách anh, thật đấy. Em hiểu cuộc sống có nhiều điều phải lo, nhiều thứ phải quan tâm. Nhưng tình cảm không phải lúc nào cũng công bằng, có những người yêu nhiều hơn, hy sinh nhiều hơn và cũng đau nhiều hơn. Em không cần anh phải yêu em như em yêu anh. Em chỉ mong, trong lòng anh, em có một chỗ đứng dù vững, một góc nhỏ không ai thay thế được. Em biết em không hoàn hảo, biết mình đôi khi trẻ con, bướng bỉnh, và hay làm anh phiền lòng. Nhưng anh ơi, mỗi lần em giận, mỗi lần em khóc, không phải vì em ghét anh, mà vì em sợ mất anh. Anh từng nói sẽ bên em, sẽ nắm tay em đi qua những tháng năm dài. Em tin vào điều đó. Tin đến mức dù bao lần tổn thương, em vẫn ở lại, vẫn chờ đợi, vẫn hy vọng vào một ngày chúng ta sẽ lại cười như xưa. Có thể anh sẽ nói em ngốc, rằng tình yêu không thể chỉ có một người giữ. Nhưng em không ngốc, em chỉ yêu quá thật lòng. Nếu có lúc nào đó em không còn nhắn tin, không còn gọi, không còn trách móc, thì đó không phải vì em đã hết yêu, mà vì em mệt, mệt đến mức không còn sức để cố gắng. Anh à, có lẽ trong mắt anh em là một cô gái phức tạp, nhiều suy nghĩ, hay buồn vô cớ và đôi khi quá mệt mỏi với chính mình. Nhưng nếu anh có thể dừng lại một chút, nhìn sâu vào trong em, lắng nghe những điều chưa nói, anh sẽ hiểu rằng tất cả những điều đó không phải vì em muốn như thế mà vì em yêu anh. Tình yêu với em chưa bao giờ là thứ dễ dàng. Nó không chỉ là những lời ngọt ngào, những cái ôm, nụ hôn hay những ngày hẹn hò. Nó là những ngày em lo lắng không biết anh có đang vui không, có đang mệt không, có nhớ em không. Là những đêm em lặng lẽ khóc vì một tin nhắn không được hồi đáp, vì một ánh mắt lơ đãng hay một câu nói vô tình của anh. Em không trách anh, thật đấy. Em hiểu cuộc sống có nhiều điều phải lo, nhiều thứ phải quan tâm. Nhưng tình cảm không phải lúc nào cũng công bằng, có những người yêu nhiều hơn, hy sinh nhiều hơn và cũng đau nhiều hơn. Em không cần anh phải yêu em như em yêu anh. Em chỉ mong, trong lòng anh, em có một chỗ đứng dù vững, một góc nhỏ không ai thay thế được. Em biết em không hoàn hảo, biết mình đôi khi trẻ con, bướng bỉnh, và hay làm anh phiền lòng. Nhưng anh ơi, mỗi lần em giận, mỗi lần em khóc, không phải vì em ghét anh, mà vì em sợ mất anh. Anh từng nói sẽ bên em, sẽ nắm tay em đi qua những tháng năm dài. Em tin vào điều đó. Tin đến mức dù bao lần tổn thương, em vẫn ở lại, vẫn chờ đợi, vẫn hy vọng vào một ngày chúng ta sẽ lại cười như xưa. Có thể anh sẽ nói em ngốc, rằng tình yêu không thể chỉ có một người giữ. Nhưng em không ngốc, em chỉ yêu quá thật lòng. Nếu có lúc nào đó em không còn nhắn tin, không còn gọi, không còn trách móc, thì đó không phải vì em đã hết yêu, mà vì em mệt, mệt đến mức không còn sức để cố gắng. Anh à, có lẽ trong mắt anh em là một cô gái phức tạp, nhiều suy nghĩ, hay buồn vô cớ và đôi khi quá mệt mỏi với chính mình. Nhưng nếu anh có thể dừng lại một chút, nhìn sâu vào trong em, lắng nghe những điều chưa nói, anh sẽ hiểu rằng tất cả những điều đó không phải vì em muốn như thế mà vì em yêu anh. Tình yêu với em chưa bao giờ là thứ dễ dàng. Nó không chỉ là những lời ngọt ngào, những cái ôm, nụ hôn hay những ngày hẹn hò. Nó là những ngày em lo lắng không biết anh có đang vui không, có đang mệt không, có nhớ em không. Là những đêm em lặng lẽ khóc vì một tin nhắn không được hồi đáp, vì một ánh mắt lơ đãng hay một câu nói vô tình của anh. Em không trách anh, thật đấy. Em hiểu cuộc sống có nhiều điều phải lo, nhiều thứ phải quan tâm. Nhưng tình cảm không phải lúc nào cũng công bằng, có những người yêu nhiều hơn, hy sinh nhiều hơn và cũng đau nhiều hơn. Em không cần anh phải yêu em như em yêu anh. Em chỉ mong, trong lòng anh, em có một chỗ đứng dù vững, một góc nhỏ không ai thay thế được. Em biết em không hoàn hảo, biết mình đôi khi trẻ con, bướng bỉnh, và hay làm anh phiền lòng. Nhưng anh ơi, mỗi lần em giận, mỗi lần em khóc, không phải vì em ghét anh, mà vì em sợ mất anh. Anh từng nói sẽ bên em, sẽ nắm tay em đi qua những tháng năm dài. Em tin vào điều đó. Tin đến mức dù bao lần tổn thương, em vẫn ở lại, vẫn chờ đợi, vẫn hy vọng vào một ngày chúng ta sẽ lại cười như xưa. Có thể anh sẽ nói em ngốc, rằng tình yêu không thể chỉ có một người giữ. Nhưng em không ngốc, em chỉ yêu quá thật lòng. Nếu có lúc nào đó em không còn nhắn tin, không còn gọi, không còn trách móc, thì đó không phải vì em đã hết yêu, mà vì em mệt, mệt đến mức không còn sức để cố gắng. Anh à, có lẽ trong mắt anh em là một cô gái phức tạp, nhiều suy nghĩ, hay buồn vô cớ và đôi khi quá mệt mỏi với chính mình. Nhưng nếu anh có thể dừng lại một chút, nhìn sâu vào trong em, lắng nghe những điều chưa nói, anh sẽ hiểu rằng tất cả những điều đó không phải vì em muốn như thế mà vì em yêu anh. Tình yêu với em chưa bao giờ là thứ dễ dàng. Nó không chỉ là những lời ngọt ngào, những cái ôm, nụ hôn hay những ngày hẹn hò. Nó là những ngày em lo lắng không biết anh có đang vui không, có đang mệt không, có nhớ em không. Là những đêm em lặng lẽ khóc vì một tin nhắn không được hồi đáp, vì một ánh mắt lơ đãng hay một câu nói vô tình của anh. Em không trách anh, thật đấy. Em hiểu cuộc sống có nhiều điều phải lo, nhiều thứ phải quan tâm. Nhưng tình cảm không phải lúc nào cũng công bằng, có những người yêu nhiều hơn, hy sinh nhiều hơn và cũng đau nhiều hơn. Em không cần anh phải yêu em như em yêu anh. Em chỉ mong, trong lòng anh, em có một chỗ đứng dù vững, một góc nhỏ không ai thay thế được. Em biết em không hoàn hảo, biết mình đôi khi trẻ con, bướng bỉnh, và hay làm anh phiền lòng. Nhưng anh ơi, mỗi lần em giận, mỗi lần em khóc, không phải vì em ghét anh, mà vì em sợ mất anh. Anh từng nói sẽ bên em, sẽ nắm tay em đi qua những tháng năm dài. Em tin vào điều đó. Tin đến mức dù bao lần tổn thương, em vẫn ở lại, vẫn chờ đợi, vẫn hy vọng vào một ngày chúng ta sẽ lại cười như xưa. Có thể anh sẽ nói em ngốc, rằng tình yêu không thể chỉ có một người giữ. Nhưng em không ngốc, em chỉ yêu quá thật lòng. Nếu có lúc nào đó em không còn nhắn tin, không còn gọi, không còn trách móc, thì đó không phải vì em đã hết yêu, mà vì em mệt, mệt đến mức không còn sức để cố gắng. Anh à, có lẽ trong mắt anh em là một cô gái phức tạp, nhiều suy nghĩ, hay buồn vô cớ và đôi khi quá mệt mỏi với chính mình. Nhưng nếu anh có thể dừng lại một chút, nhìn sâu vào trong em, lắng nghe những điều chưa nói, anh sẽ hiểu rằng tất cả những điều đó không phải vì em muốn như thế mà vì em yêu anh. Tình yêu với em chưa bao giờ là thứ dễ dàng. Nó không chỉ là những lời ngọt ngào, những cái ôm, nụ hôn hay những ngày hẹn hò. Nó là những ngày em lo lắng không biết anh có đang vui không, có đang mệt không, có nhớ em không. Là những đêm em lặng lẽ khóc vì một tin nhắn không được hồi đáp, vì một ánh mắt lơ đãng hay một câu nói vô tình của anh. Em không trách anh, thật đấy. Em hiểu cuộc sống có nhiều điều phải lo, nhiều thứ phải quan tâm. Nhưng tình cảm không phải lúc nào cũng công bằng, có những người yêu nhiều hơn, hy sinh nhiều hơn và cũng đau nhiều hơn. Em không cần anh phải yêu em như em yêu anh. Em chỉ mong, trong lòng anh, em có một chỗ đứng dù vững, một góc nhỏ không ai thay thế được. Em biết em không hoàn hảo, biết mình đôi khi trẻ con, bướng bỉnh, và hay làm anh phiền lòng. Nhưng anh ơi, mỗi lần em giận, mỗi lần em khóc, không phải vì em ghét anh, mà vì em sợ mất anh. Anh từng nói sẽ bên em, sẽ nắm tay em đi qua những tháng năm dài. Em tin vào điều đó. Tin đến mức dù bao lần tổn thương, em vẫn ở lại, vẫn chờ đợi, vẫn hy vọng vào một ngày chúng ta sẽ lại cười như xưa. Có thể anh sẽ nói em ngốc, rằng tình yêu không thể chỉ có một người giữ. Nhưng em không ngốc, em chỉ yêu quá thật lòng. Nếu có lúc nào đó em không còn nhắn tin, không còn gọi, không còn trách móc, thì đó không phải vì em đã hết yêu, mà vì em mệt, mệt đến mức không còn sức để cố gắng.
